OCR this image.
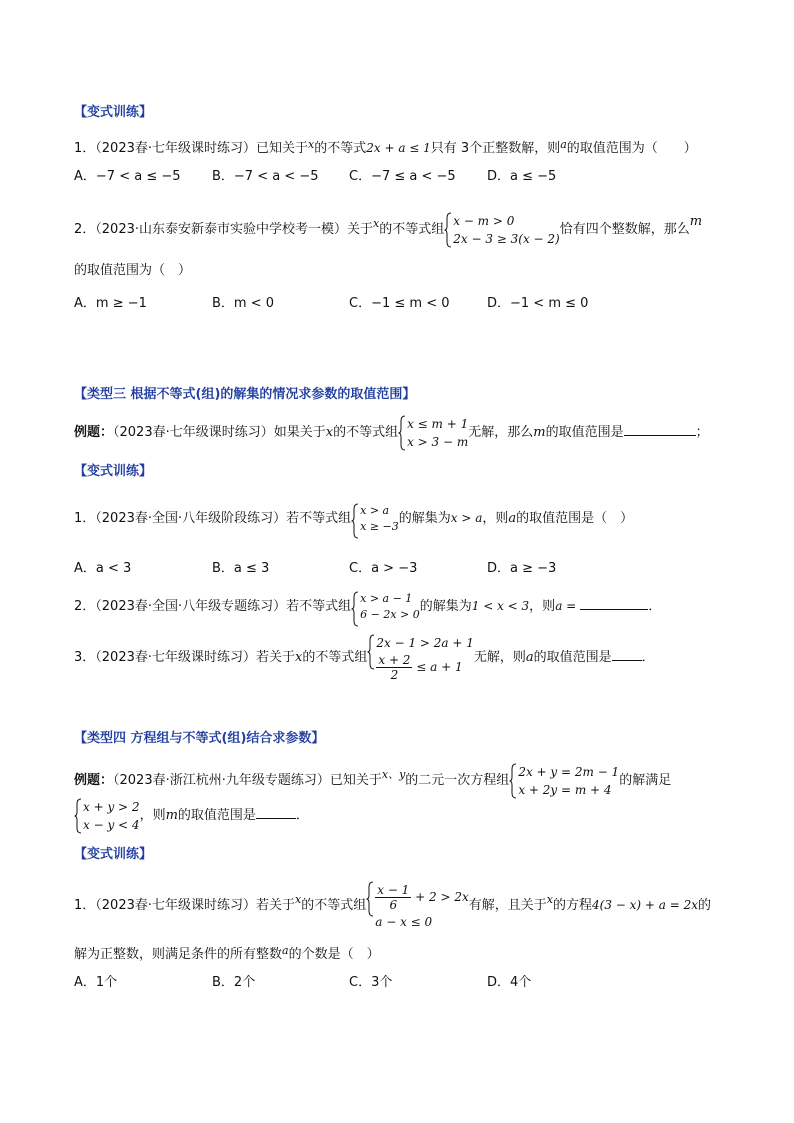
【变式训练】
1．（2023春·七年级课时练习）已知关于$^x$的不等式2x + a ≤ 1只有 3个正整数解，则$^a$的取值范围为（　　）
A．−7 < a ≤ −5 B．−7 < a < −5 C．−7 ≤ a < −5 D．a ≤ −5
2．（2023·山东泰安新泰市实验中学校考一模）关于$^x$的不等式组
x − m > 0
2x − 3 ≥ 3(x − 2)
恰有四个整数解，那么m
的取值范围为（　）
A．m ≥ −1	B．m < 0	C．−1 ≤ m < 0	D．−1 < m ≤ 0
【类型三 根据不等式(组)的解集的情况求参数的取值范围】
例题：（2023春·七年级课时练习）如果关于x的不等式组
x ≤ m + 1
x > 3 − m
无解，那么m的取值范围是	；
【变式训练】
1．（2023春·全国·八年级阶段练习）若不等式组
x > a
x ≥ −3 的解集为x > a，则a的取值范围是（　）
A．a < 3	B．a ≤ 3	C．a > −3	D．a ≥ −3
2．（2023春·全国·八年级专题练习）若不等式组
x > a − 1
6 − 2x > 0 的解集为1 < x < 3，则a =	．
3．（2023春·七年级课时练习）若关于x的不等式组
2x − 1 > 2a + 1
$\frac{x + 2}{2} \le a + 1$
无解，则a的取值范围是 ．
【类型四 方程组与不等式(组)结合求参数】
例题：（2023春·浙江杭州·九年级专题练习）已知关于$^{x、y}$的二元一次方程组
2x + y = 2m − 1
x + 2y = m + 4
的解满足
x + y > 2
x − y < 4
，则m的取值范围是	．
【变式训练】
1．（2023春·七年级课时练习）若关于$^x$的不等式组 $\frac{x - 1}{6} + 2 > 2x$
a − x ≤ 0
有解，且关于$^x$的方程4(3 − x) + a = 2x的
解为正整数，则满足条件的所有整数$^a$的个数是（　）
A．1个	B．2个	C．3个	D．4个
